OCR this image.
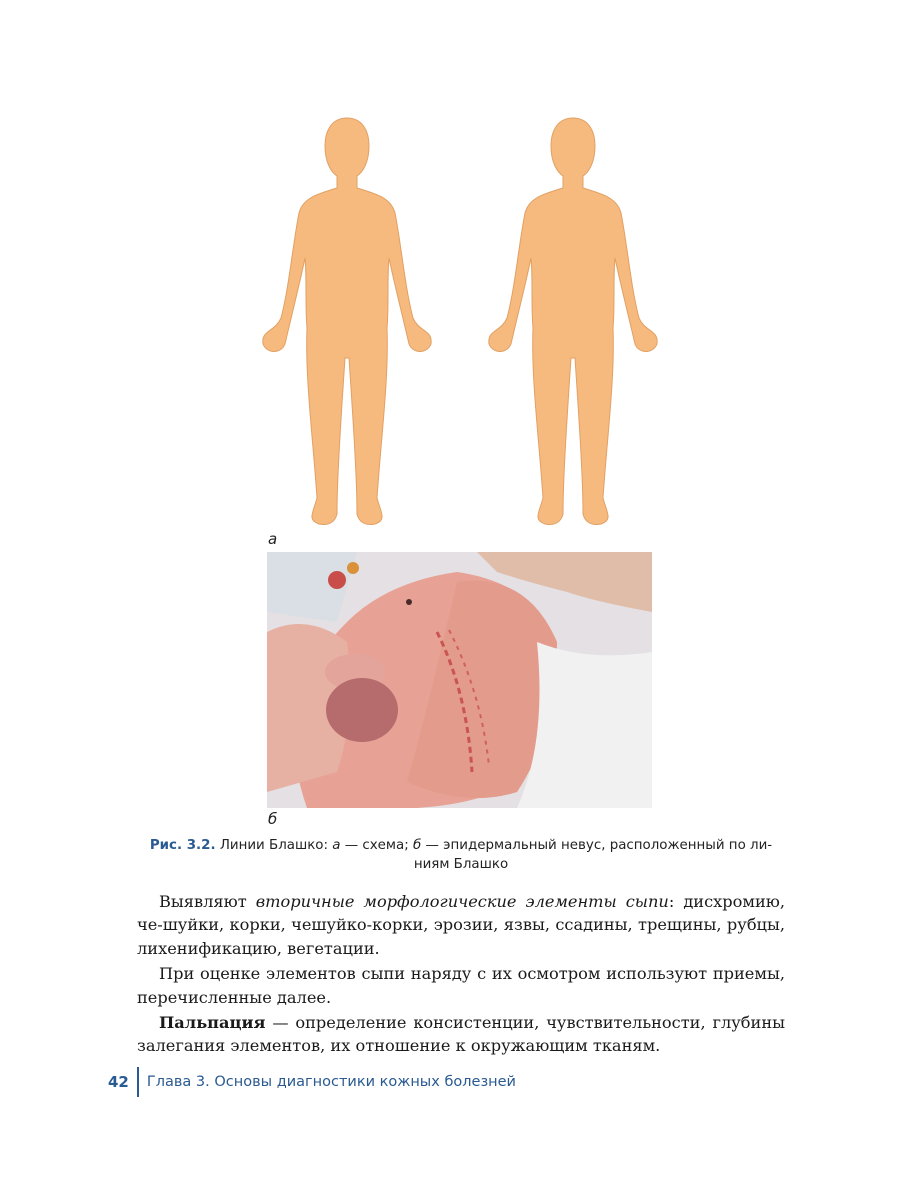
а
б
Рис. 3.2. Линии Блашко: а — схема; б — эпидермальный невус, расположенный по ли-
ниям Блашко

Выявляют вторичные морфологические элементы сыпи: дисхромию, че-шуйки, корки, чешуйко-корки, эрозии, язвы, ссадины, трещины, рубцы, лихенификацию, вегетации.

При оценке элементов сыпи наряду с их осмотром используют приемы, перечисленные далее.

Пальпация — определение консистенции, чувствительности, глубины залегания элементов, их отношение к окружающим тканям.

42	Глава 3. Основы диагностики кожных болезней
